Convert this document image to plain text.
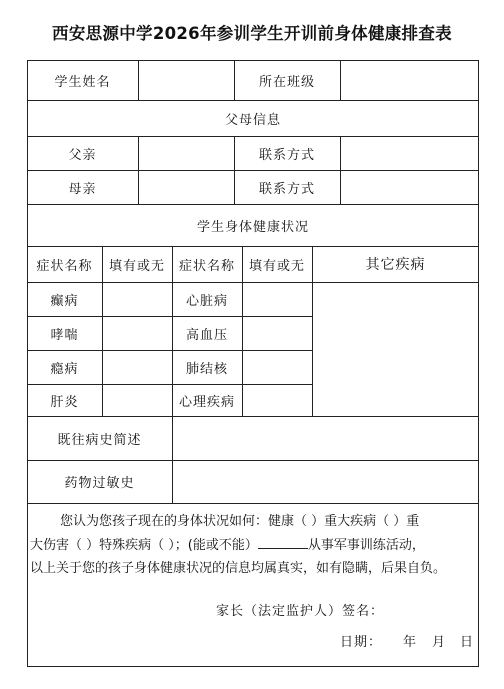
西安思源中学2026年参训学生开训前身体健康排查表
学生姓名	所在班级
父母信息
父亲	联系方式
母亲	联系方式
学生身体健康状况
症状名称	填有或无	症状名称	填有或无	其它疾病
癫病	心脏病
哮喘	高血压
瘾病	肺结核
肝炎	心理疾病
既往病史简述
药物过敏史

您认为您孩子现在的身体状况如何：健康（ ）重大疾病（ ）重

大伤害（ ）特殊疾病（ ）；(能或不能）	从事军事训练活动，

以上关于您的孩子身体健康状况的信息均属真实，如有隐瞒，后果自负。

家长（法定监护人）签名：
日期： 年 月 日
